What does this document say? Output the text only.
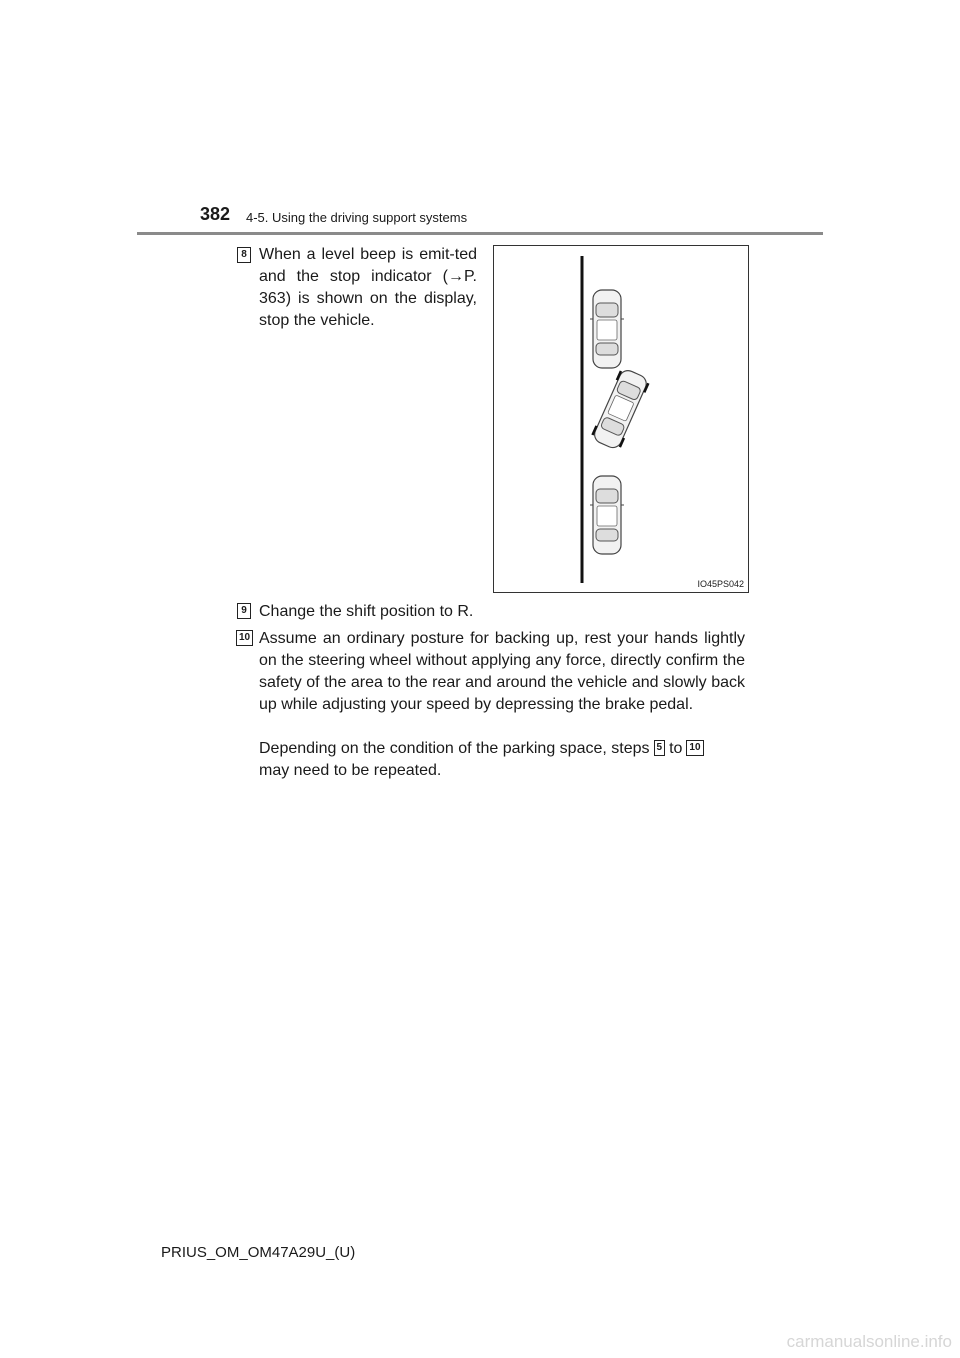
382 4-5. Using the driving support systems
8 When a level beep is emit-ted and the stop indicator (→P. 363) is shown on the display, stop the vehicle.
IO45PS042
9 Change the shift position to R.
10 Assume an ordinary posture for backing up, rest your hands lightly on the steering wheel without applying any force, directly confirm the safety of the area to the rear and around the vehicle and slowly back up while adjusting your speed by depressing the brake pedal.
Depending on the condition of the parking space, steps 5 to 10
may need to be repeated.
PRIUS_OM_OM47A29U_(U)
carmanualsonline.info
